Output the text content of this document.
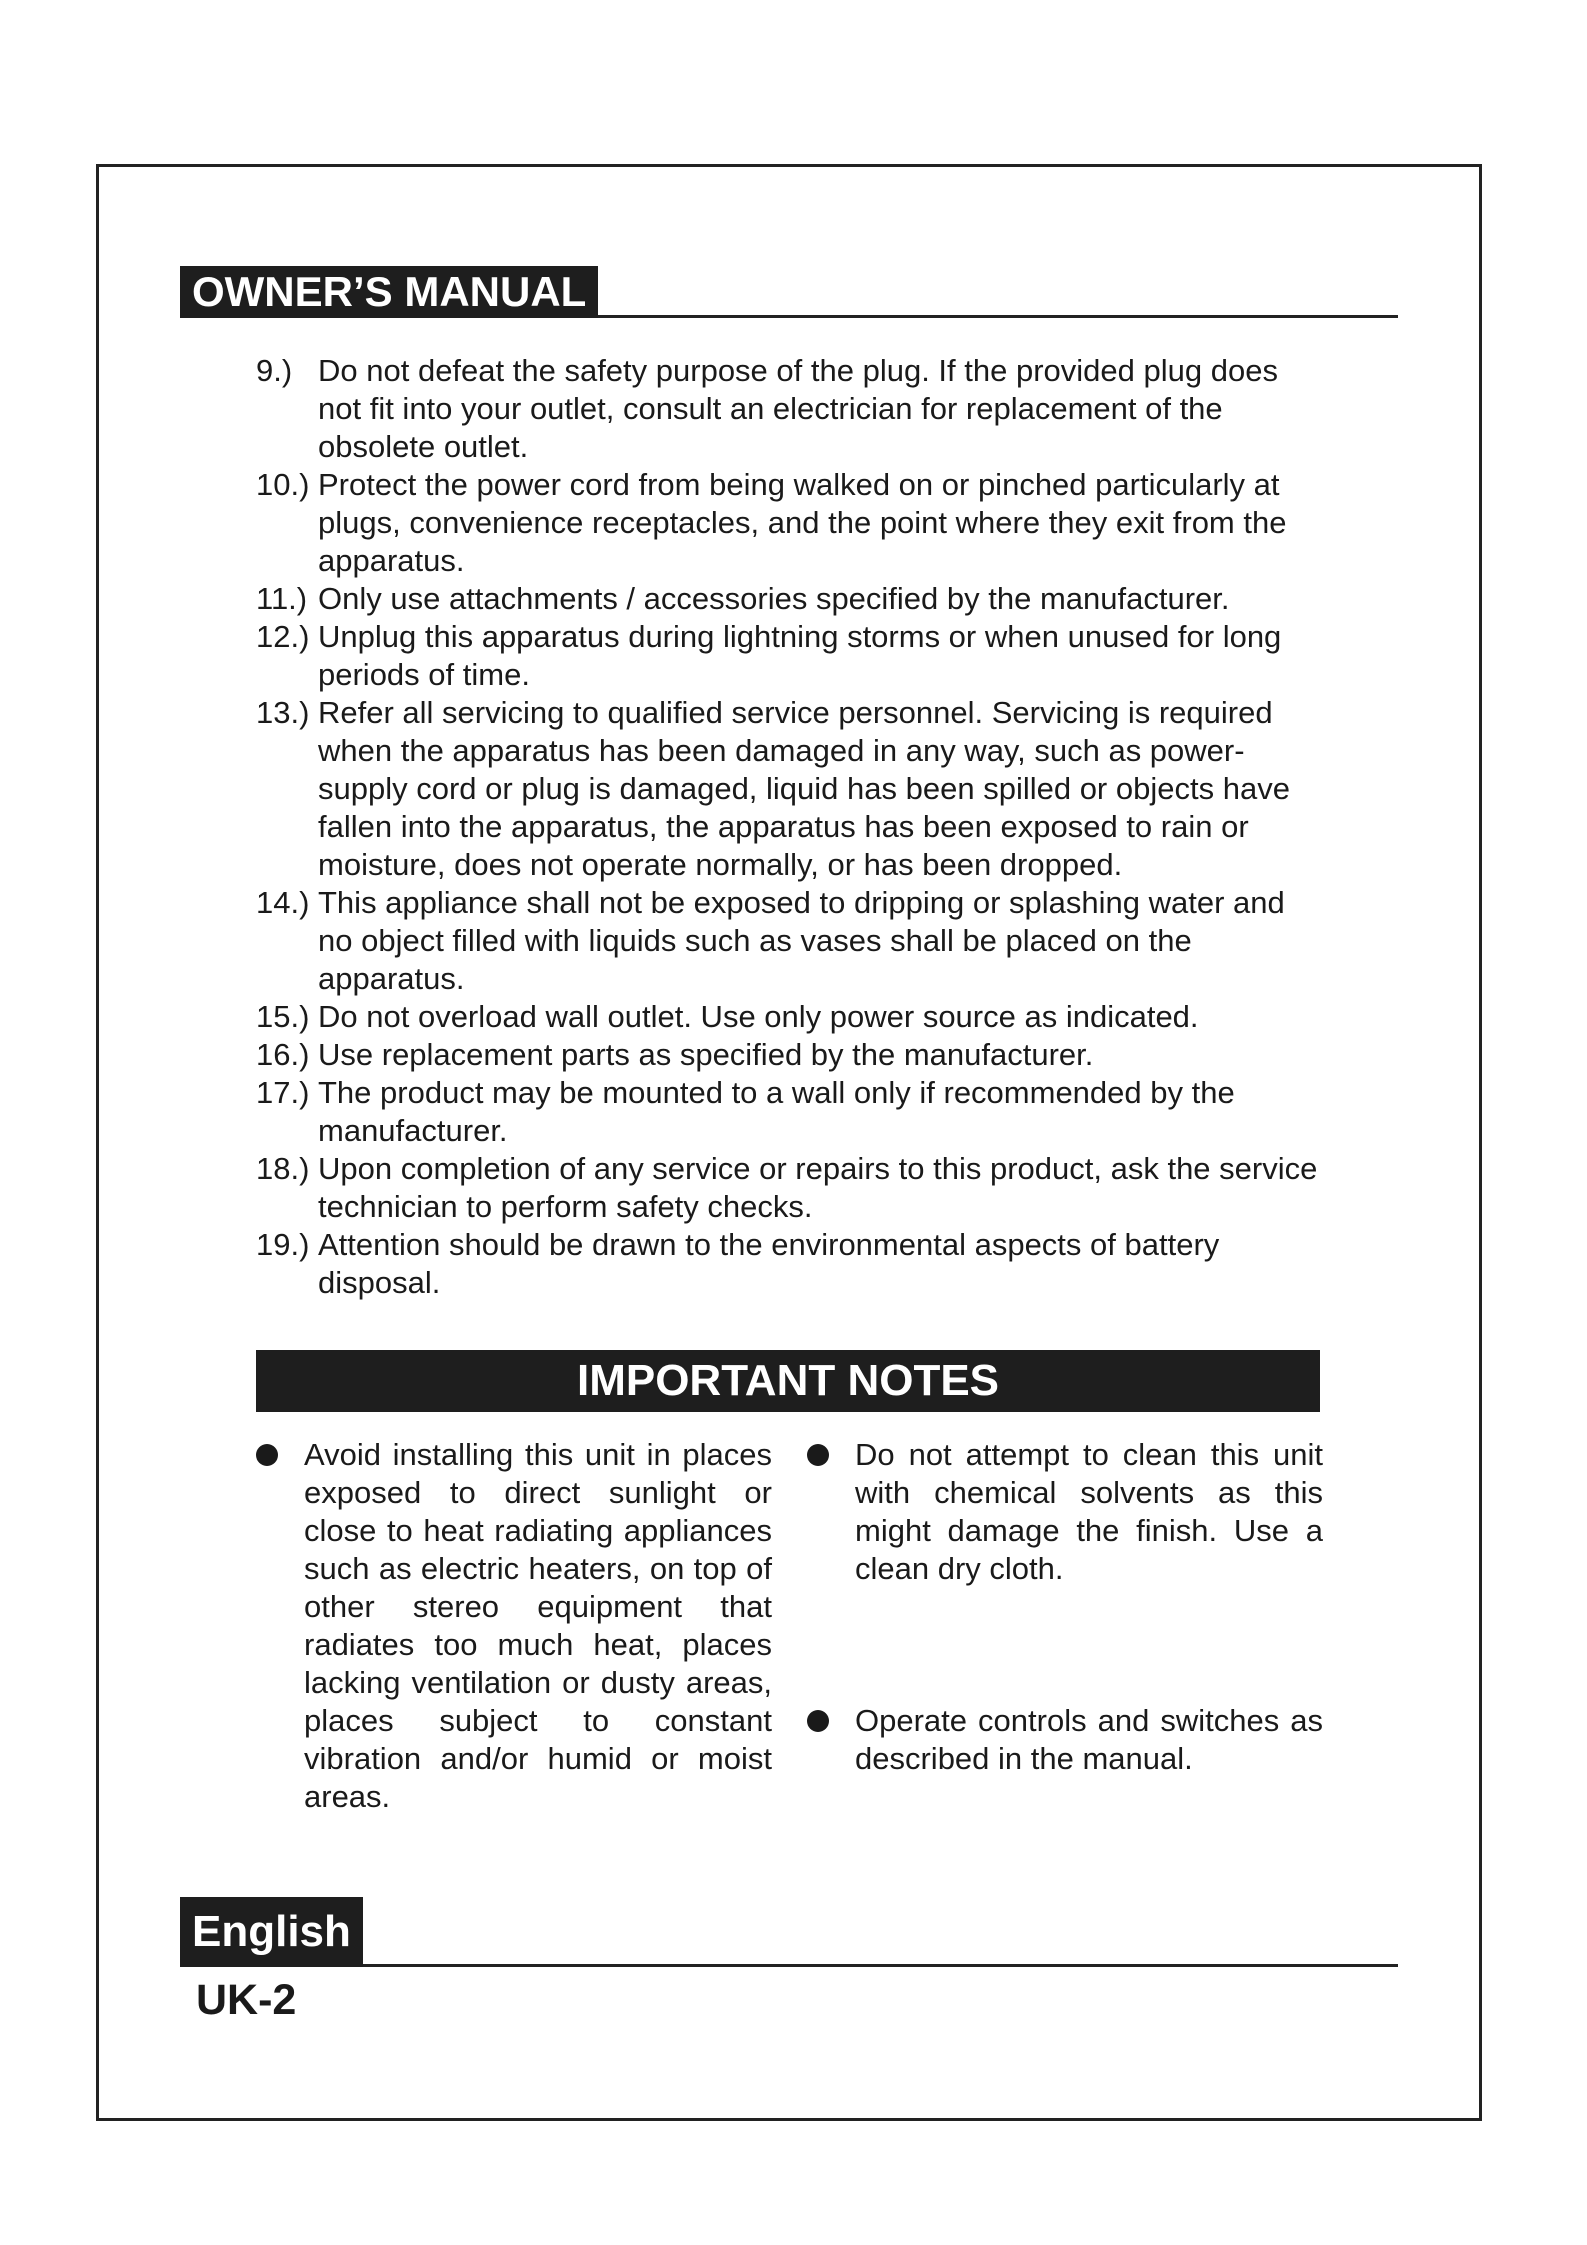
OWNER’S MANUAL
9.) Do not defeat the safety purpose of the plug. If the provided plug does not fit into your outlet, consult an electrician for replacement of the obsolete outlet.
10.) Protect the power cord from being walked on or pinched particularly at plugs, convenience receptacles, and the point where they exit from the apparatus.
11.) Only use attachments / accessories specified by the manufacturer.
12.) Unplug this apparatus during lightning storms or when unused for long periods of time.
13.) Refer all servicing to qualified service personnel. Servicing is required when the apparatus has been damaged in any way, such as power-supply cord or plug is damaged, liquid has been spilled or objects have fallen into the apparatus, the apparatus has been exposed to rain or moisture, does not operate normally, or has been dropped.
14.) This appliance shall not be exposed to dripping or splashing water and no object filled with liquids such as vases shall be placed on the apparatus.
15.) Do not overload wall outlet. Use only power source as indicated.
16.) Use replacement parts as specified by the manufacturer.
17.) The product may be mounted to a wall only if recommended by the manufacturer.
18.) Upon completion of any service or repairs to this product, ask the service technician to perform safety checks.
19.) Attention should be drawn to the environmental aspects of battery disposal.
IMPORTANT NOTES
Avoid installing this unit in places exposed to direct sunlight or close to heat radiating appliances such as electric heaters, on top of other stereo equipment that radiates too much heat, places lacking ventilation or dusty areas, places subject to constant vibration and/or humid or moist areas.
Do not attempt to clean this unit with chemical solvents as this might damage the finish. Use a clean dry cloth.
Operate controls and switches as described in the manual.
English
UK-2
